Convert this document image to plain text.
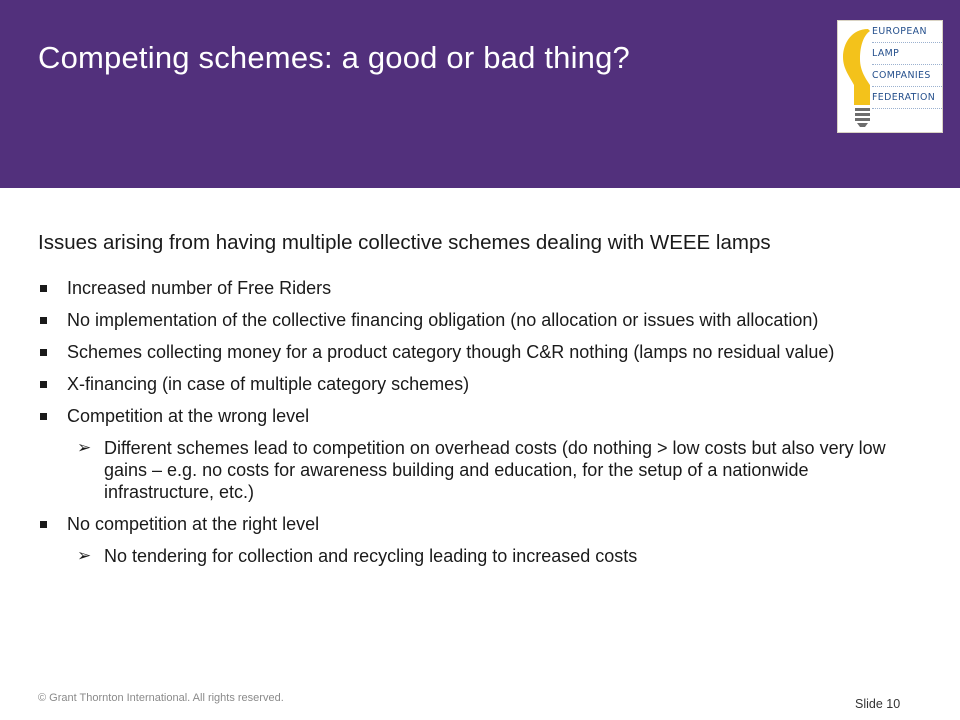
Competing schemes: a good or bad thing?
EUROPEAN
LAMP
COMPANIES
FEDERATION

Issues arising from having multiple collective schemes dealing with WEEE lamps

Increased number of Free Riders
No implementation of the collective financing obligation (no allocation or issues with allocation)
Schemes collecting money for a product category though C&R nothing (lamps no residual value)
X-financing (in case of multiple category schemes)
Competition at the wrong level
➢ Different schemes lead to competition on overhead costs (do nothing > low costs but also very low gains – e.g. no costs for awareness building and education, for the setup of a nationwide infrastructure, etc.)
No competition at the right level
➢ No tendering for collection and recycling leading to increased costs
© Grant Thornton International. All rights reserved.	Slide 10
